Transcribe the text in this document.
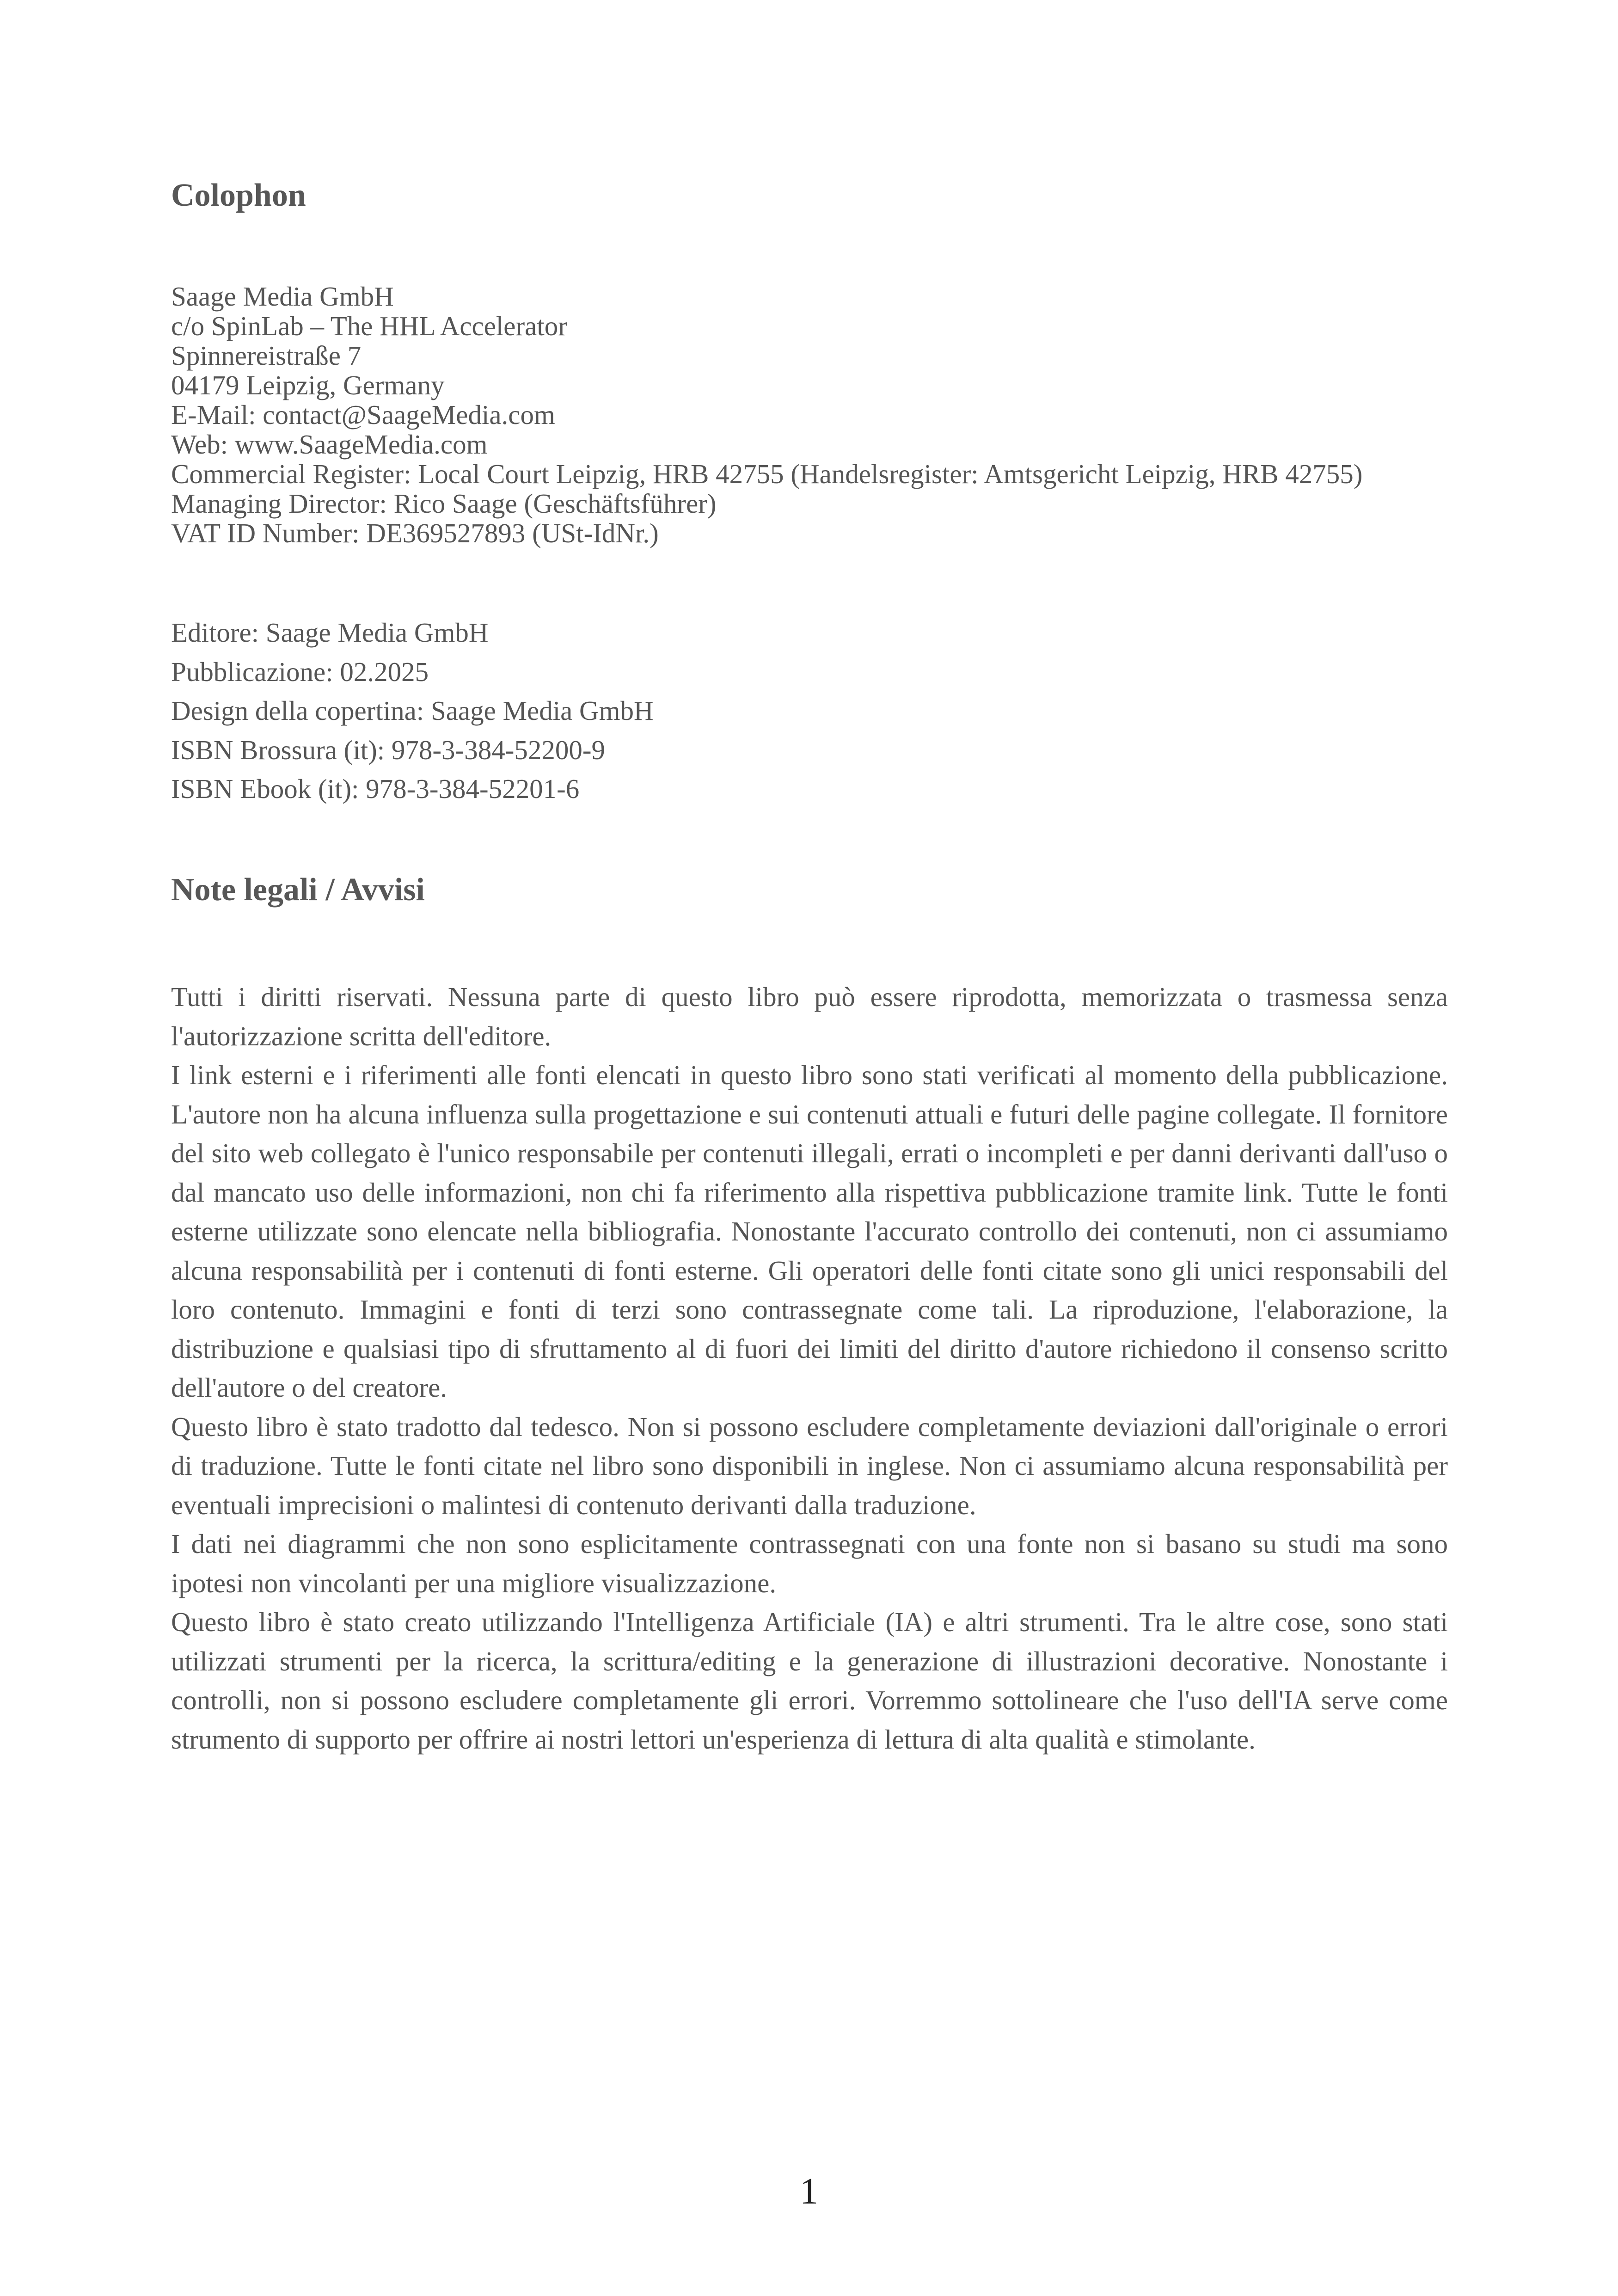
Colophon
Saage Media GmbH
c/o SpinLab – The HHL Accelerator
Spinnereistraße 7
04179 Leipzig, Germany
E-Mail: contact@SaageMedia.com
Web: www.SaageMedia.com
Commercial Register: Local Court Leipzig, HRB 42755 (Handelsregister: Amtsgericht Leipzig, HRB 42755)
Managing Director: Rico Saage (Geschäftsführer)
VAT ID Number: DE369527893 (USt-IdNr.)
Editore: Saage Media GmbH
Pubblicazione: 02.2025
Design della copertina: Saage Media GmbH
ISBN Brossura (it): 978-3-384-52200-9
ISBN Ebook (it): 978-3-384-52201-6
Note legali / Avvisi

Tutti i diritti riservati. Nessuna parte di questo libro può essere riprodotta, memorizzata o trasmessa senza l'autorizzazione scritta dell'editore.

I link esterni e i riferimenti alle fonti elencati in questo libro sono stati verificati al momento della pubblicazione. L'autore non ha alcuna influenza sulla progettazione e sui contenuti attuali e futuri delle pagine collegate. Il fornitore del sito web collegato è l'unico responsabile per contenuti illegali, errati o incompleti e per danni derivanti dall'uso o dal mancato uso delle informazioni, non chi fa riferimento alla rispettiva pubblicazione tramite link. Tutte le fonti esterne utilizzate sono elencate nella bibliografia. Nonostante l'accurato controllo dei contenuti, non ci assumiamo alcuna responsabilità per i contenuti di fonti esterne. Gli operatori delle fonti citate sono gli unici responsabili del loro contenuto. Immagini e fonti di terzi sono contrassegnate come tali. La riproduzione, l'elaborazione, la distribuzione e qualsiasi tipo di sfruttamento al di fuori dei limiti del diritto d'autore richiedono il consenso scritto dell'autore o del creatore.

Questo libro è stato tradotto dal tedesco. Non si possono escludere completamente deviazioni dall'originale o errori di traduzione. Tutte le fonti citate nel libro sono disponibili in inglese. Non ci assumiamo alcuna responsabilità per eventuali imprecisioni o malintesi di contenuto derivanti dalla traduzione.

I dati nei diagrammi che non sono esplicitamente contrassegnati con una fonte non si basano su studi ma sono ipotesi non vincolanti per una migliore visualizzazione.

Questo libro è stato creato utilizzando l'Intelligenza Artificiale (IA) e altri strumenti. Tra le altre cose, sono stati utilizzati strumenti per la ricerca, la scrittura/editing e la generazione di illustrazioni decorative. Nonostante i controlli, non si possono escludere completamente gli errori. Vorremmo sottolineare che l'uso dell'IA serve come strumento di supporto per offrire ai nostri lettori un'esperienza di lettura di alta qualità e stimolante.

1
